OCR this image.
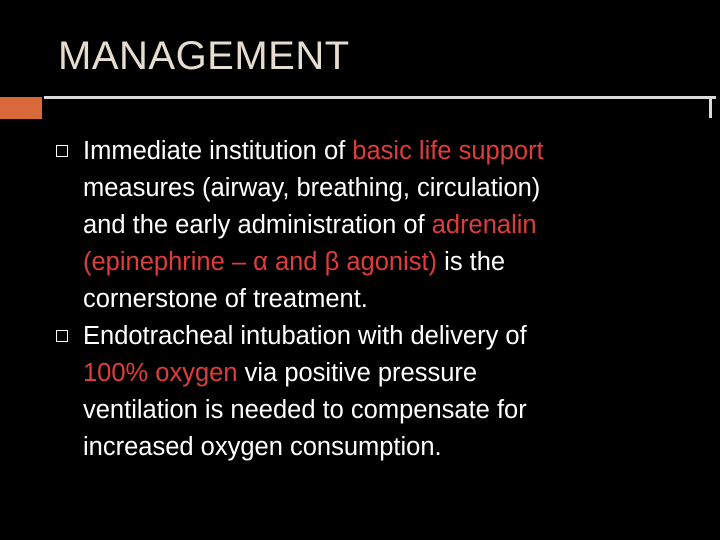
MANAGEMENT
Immediate institution of basic life support
measures (airway, breathing, circulation)
and the early administration of adrenalin
(epinephrine – α and β agonist) is the
cornerstone of treatment.
Endotracheal intubation with delivery of
100% oxygen via positive pressure
ventilation is needed to compensate for
increased oxygen consumption.
